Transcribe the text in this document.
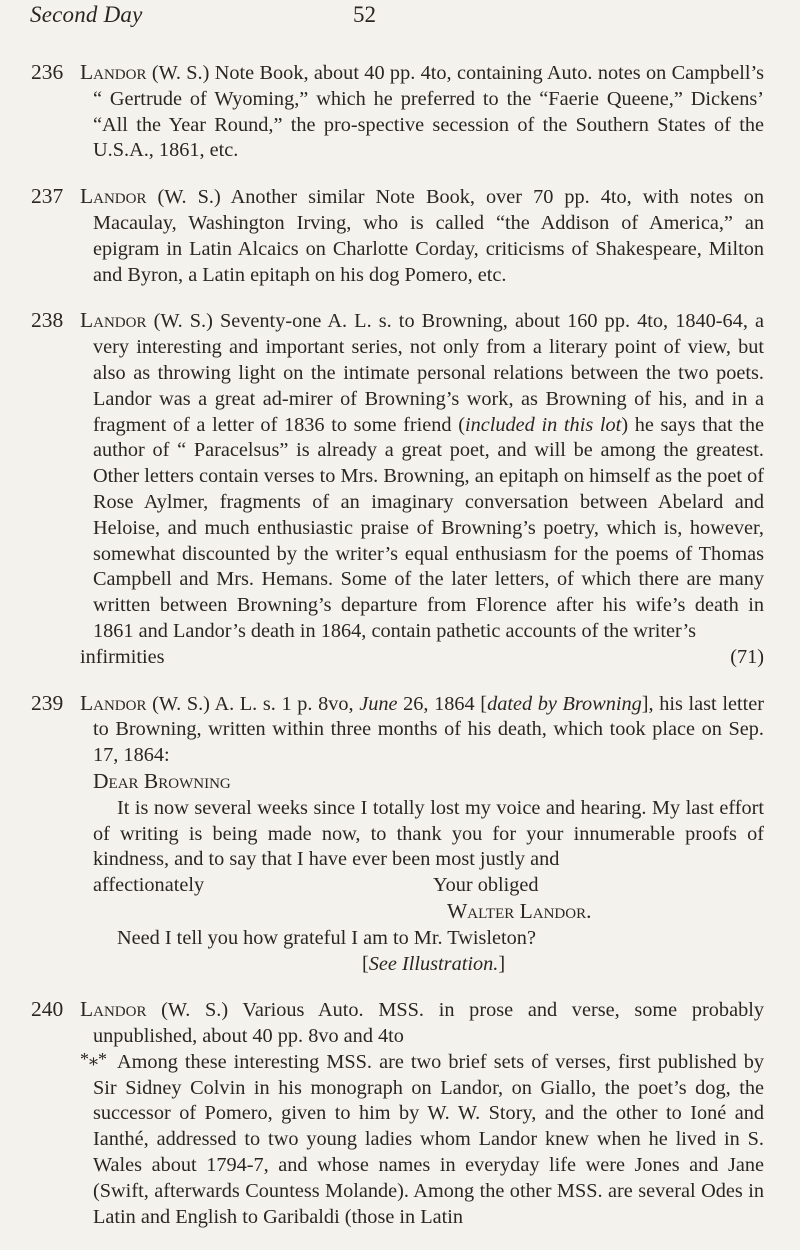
Second Day	52
236 Landor (W. S.) Note Book, about 40 pp. 4to, containing Auto. notes on Campbell’s “ Gertrude of Wyoming,” which he preferred to the “Faerie Queene,” Dickens’ “All the Year Round,” the pro-spective secession of the Southern States of the U.S.A., 1861, etc.

237 Landor (W. S.) Another similar Note Book, over 70 pp. 4to, with notes on Macaulay, Washington Irving, who is called “the Addison of America,” an epigram in Latin Alcaics on Charlotte Corday, criticisms of Shakespeare, Milton and Byron, a Latin epitaph on his dog Pomero, etc.

238 Landor (W. S.) Seventy-one A. L. s. to Browning, about 160 pp. 4to, 1840-64, a very interesting and important series, not only from a literary point of view, but also as throwing light on the intimate personal relations between the two poets. Landor was a great ad-mirer of Browning’s work, as Browning of his, and in a fragment of a letter of 1836 to some friend (included in this lot) he says that the author of “ Paracelsus” is already a great poet, and will be among the greatest. Other letters contain verses to Mrs. Browning, an epitaph on himself as the poet of Rose Aylmer, fragments of an imaginary conversation between Abelard and Heloise, and much enthusiastic praise of Browning’s poetry, which is, however, somewhat discounted by the writer’s equal enthusiasm for the poems of Thomas Campbell and Mrs. Hemans. Some of the later letters, of which there are many written between Browning’s departure from Florence after his wife’s death in 1861 and Landor’s death in 1864, contain pathetic accounts of the writer’s

infirmities	(71)
239 Landor (W. S.) A. L. s. 1 p. 8vo, June 26, 1864 [dated by Browning], his last letter to Browning, written within three months of his death, which took place on Sep. 17, 1864:

Dear Browning
It is now several weeks since I totally lost my voice and hearing. My last effort of writing is being made now, to thank you for your innumerable proofs of kindness, and to say that I have ever been most justly and
affectionately	Your obliged
Walter Landor.
Need I tell you how grateful I am to Mr. Twisleton?
[See Illustration.]
240 Landor (W. S.) Various Auto. MSS. in prose and verse, some probably unpublished, about 40 pp. 8vo and 4to

*⁎* Among these interesting MSS. are two brief sets of verses, first published by Sir Sidney Colvin in his monograph on Landor, on Giallo, the poet’s dog, the successor of Pomero, given to him by W. W. Story, and the other to Ioné and Ianthé, addressed to two young ladies whom Landor knew when he lived in S. Wales about 1794-7, and whose names in everyday life were Jones and Jane (Swift, afterwards Countess Molande). Among the other MSS. are several Odes in Latin and English to Garibaldi (those in Latin
